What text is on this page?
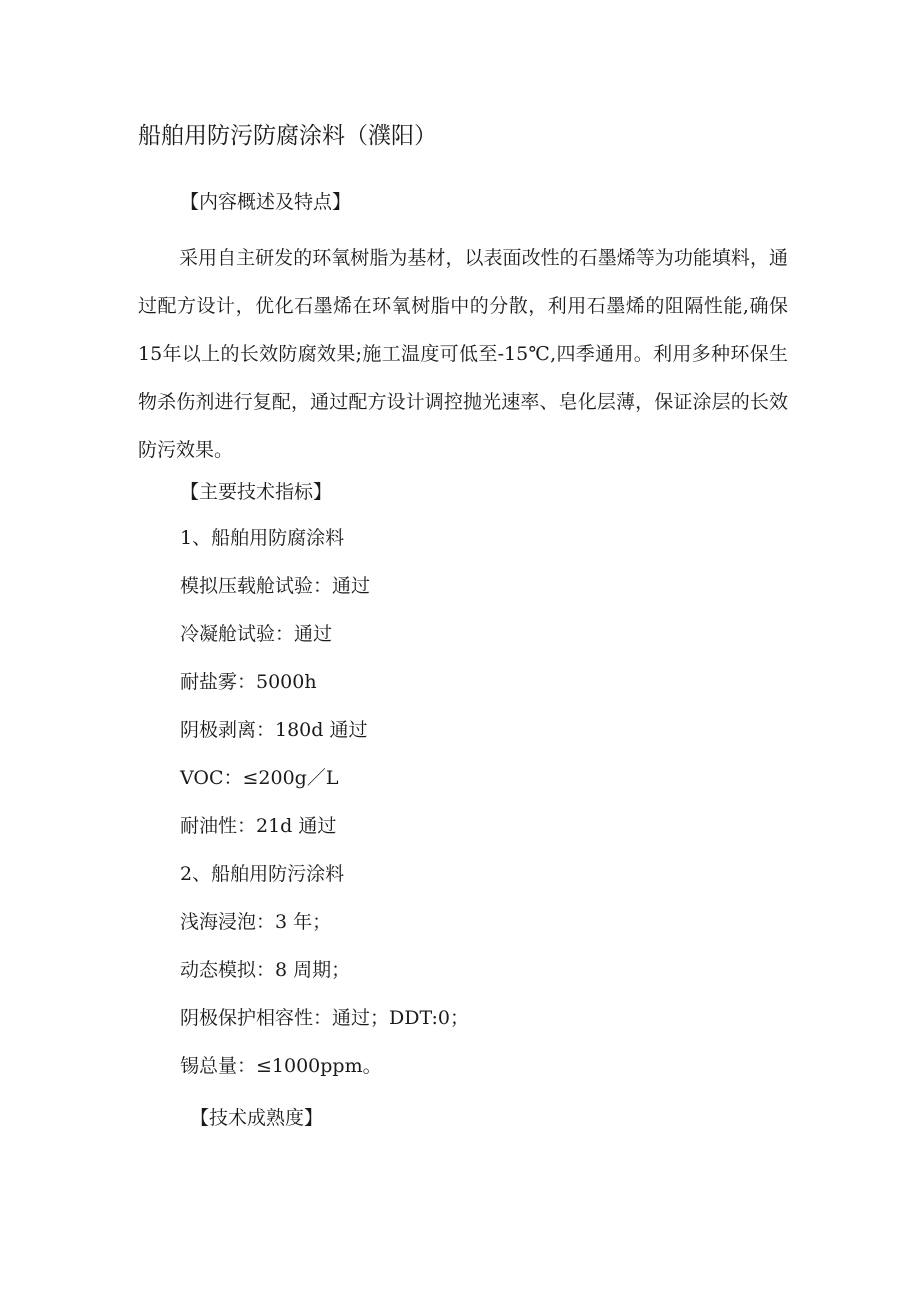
船舶用防污防腐涂料（濮阳）
【内容概述及特点】

采用自主研发的环氧树脂为基材，以表面改性的石墨烯等为功能填料，通过配方设计，优化石墨烯在环氧树脂中的分散，利用石墨烯的阻隔性能,确保15年以上的长效防腐效果;施工温度可低至-15℃,四季通用。利用多种环保生物杀伤剂进行复配，通过配方设计调控抛光速率、皂化层薄，保证涂层的长效防污效果。

【主要技术指标】
1、船舶用防腐涂料
模拟压载舱试验：通过
冷凝舱试验：通过
耐盐雾：5000h
阴极剥离：180d 通过
VOC：≤200g／L
耐油性：21d 通过
2、船舶用防污涂料
浅海浸泡：3 年；
动态模拟：8 周期；
阴极保护相容性：通过；DDT:0；
锡总量：≤1000ppm。
【技术成熟度】
